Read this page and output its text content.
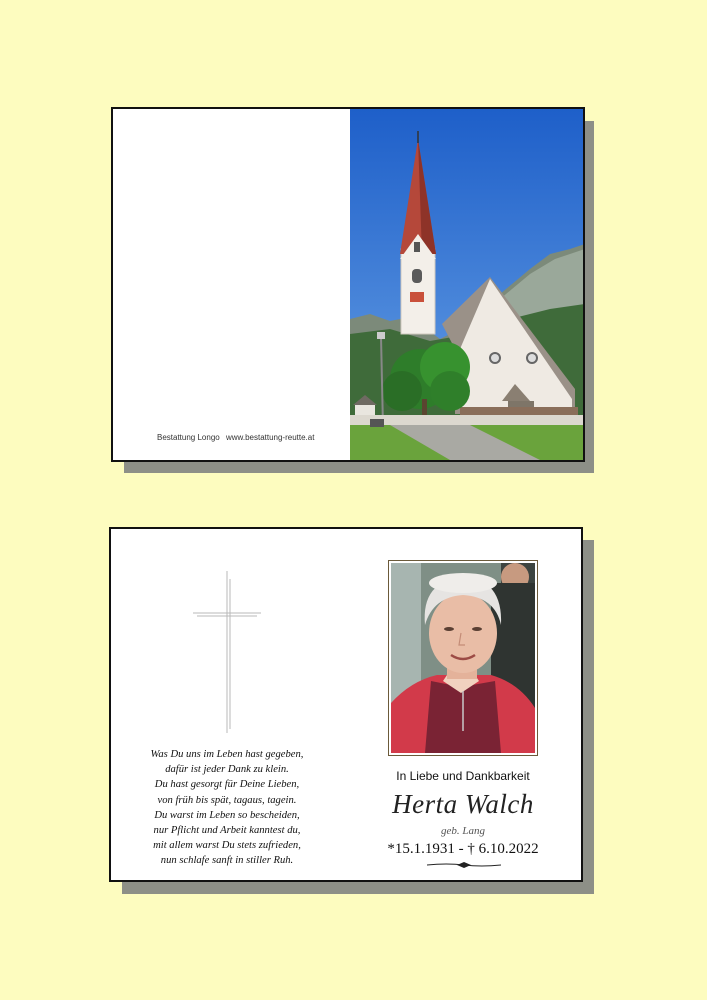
Bestattung Longo www.bestattung-reutte.at
Was Du uns im Leben hast gegeben,
dafür ist jeder Dank zu klein.
Du hast gesorgt für Deine Lieben,
von früh bis spät, tagaus, tagein.
Du warst im Leben so bescheiden,
nur Pflicht und Arbeit kanntest du,
mit allem warst Du stets zufrieden,
nun schlafe sanft in stiller Ruh.
In Liebe und Dankbarkeit
Herta Walch
geb. Lang
*15.1.1931 - † 6.10.2022
